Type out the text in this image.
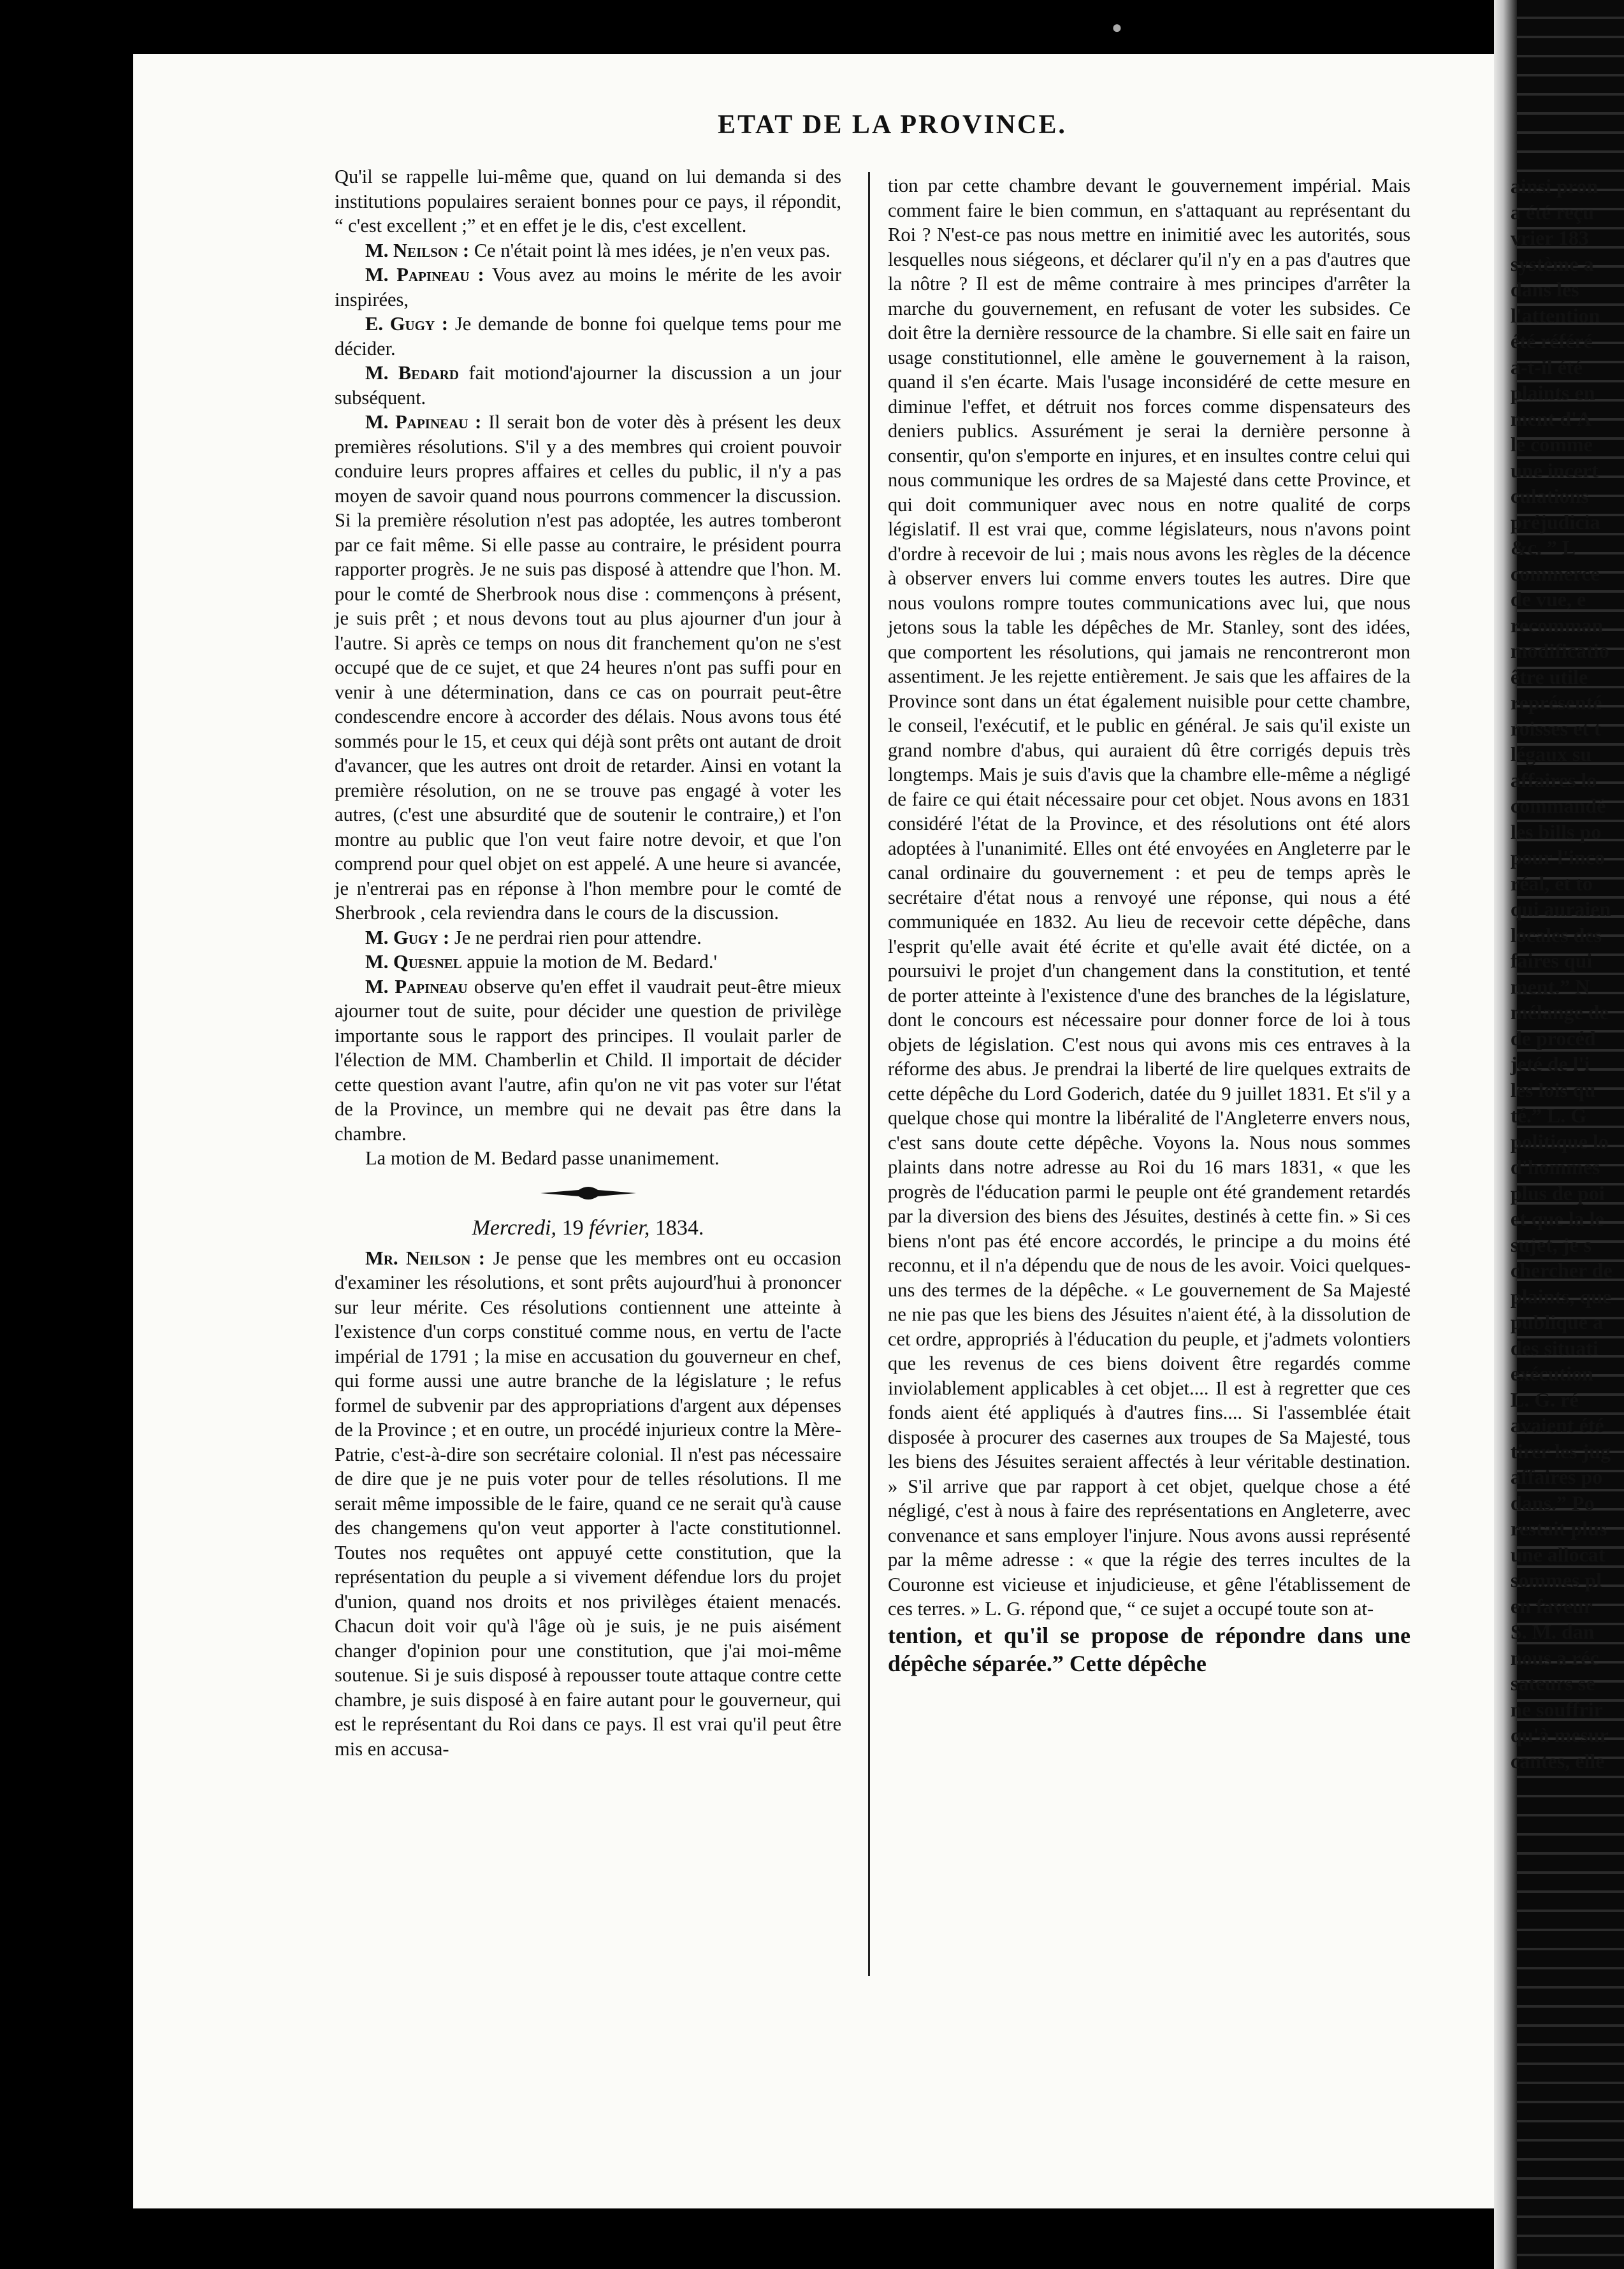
●
ETAT DE LA PROVINCE.

Qu'il se rappelle lui-même que, quand on lui demanda si des institutions populaires seraient bonnes pour ce pays, il répondit, “ c'est excellent ;” et en effet je le dis, c'est excellent.

M. Neilson : Ce n'était point là mes idées, je n'en veux pas.

M. Papineau : Vous avez au moins le mérite de les avoir inspirées,

E. Gugy : Je demande de bonne foi quelque tems pour me décider.

M. Bedard fait motiond'ajourner la discussion a un jour subséquent.

M. Papineau : Il serait bon de voter dès à présent les deux premières résolutions. S'il y a des membres qui croient pouvoir conduire leurs propres affaires et celles du public, il n'y a pas moyen de savoir quand nous pourrons commencer la discussion. Si la première résolution n'est pas adoptée, les autres tomberont par ce fait même. Si elle passe au contraire, le président pourra rapporter progrès. Je ne suis pas disposé à attendre que l'hon. M. pour le comté de Sherbrook nous dise : commençons à présent, je suis prêt ; et nous devons tout au plus ajourner d'un jour à l'autre. Si après ce temps on nous dit franchement qu'on ne s'est occupé que de ce sujet, et que 24 heures n'ont pas suffi pour en venir à une détermination, dans ce cas on pourrait peut-être condescendre encore à accorder des délais. Nous avons tous été sommés pour le 15, et ceux qui déjà sont prêts ont autant de droit d'avancer, que les autres ont droit de retarder. Ainsi en votant la première résolution, on ne se trouve pas engagé à voter les autres, (c'est une absurdité que de soutenir le contraire,) et l'on montre au public que l'on veut faire notre devoir, et que l'on comprend pour quel objet on est appelé. A une heure si avancée, je n'entrerai pas en réponse à l'hon membre pour le comté de Sherbrook , cela reviendra dans le cours de la discussion.

M. Gugy : Je ne perdrai rien pour attendre.

M. Quesnel appuie la motion de M. Bedard.'

M. Papineau observe qu'en effet il vaudrait peut-être mieux ajourner tout de suite, pour décider une question de privilège importante sous le rapport des principes. Il voulait parler de l'élection de MM. Chamberlin et Child. Il importait de décider cette question avant l'autre, afin qu'on ne vit pas voter sur l'état de la Province, un membre qui ne devait pas être dans la chambre.

La motion de M. Bedard passe unanimement.

Mercredi, 19 février, 1834.

Mr. Neilson : Je pense que les membres ont eu occasion d'examiner les résolutions, et sont prêts aujourd'hui à prononcer sur leur mérite. Ces résolutions contiennent une atteinte à l'existence d'un corps constitué comme nous, en vertu de l'acte impérial de 1791 ; la mise en accusation du gouverneur en chef, qui forme aussi une autre branche de la législature ; le refus formel de subvenir par des appropriations d'argent aux dépenses de la Province ; et en outre, un procédé injurieux contre la Mère-Patrie, c'est-à-dire son secrétaire colonial. Il n'est pas nécessaire de dire que je ne puis voter pour de telles résolutions. Il me serait même impossible de le faire, quand ce ne serait qu'à cause des changemens qu'on veut apporter à l'acte constitutionnel. Toutes nos requêtes ont appuyé cette constitution, que la représentation du peuple a si vivement défendue lors du projet d'union, quand nos droits et nos privilèges étaient menacés. Chacun doit voir qu'à l'âge où je suis, je ne puis aisément changer d'opinion pour une constitution, que j'ai moi-même soutenue. Si je suis disposé à repousser toute attaque contre cette chambre, je suis disposé à en faire autant pour le gouverneur, qui est le représentant du Roi dans ce pays. Il est vrai qu'il peut être mis en accusa-

tion par cette chambre devant le gouvernement impérial. Mais comment faire le bien commun, en s'attaquant au représentant du Roi ? N'est-ce pas nous mettre en inimitié avec les autorités, sous lesquelles nous siégeons, et déclarer qu'il n'y en a pas d'autres que la nôtre ? Il est de même contraire à mes principes d'arrêter la marche du gouvernement, en refusant de voter les subsides. Ce doit être la dernière ressource de la chambre. Si elle sait en faire un usage constitutionnel, elle amène le gouvernement à la raison, quand il s'en écarte. Mais l'usage inconsidéré de cette mesure en diminue l'effet, et détruit nos forces comme dispensateurs des deniers publics. Assurément je serai la dernière personne à consentir, qu'on s'emporte en injures, et en insultes contre celui qui nous communique les ordres de sa Majesté dans cette Province, et qui doit communiquer avec nous en notre qualité de corps législatif. Il est vrai que, comme législateurs, nous n'avons point d'ordre à recevoir de lui ; mais nous avons les règles de la décence à observer envers lui comme envers toutes les autres. Dire que nous voulons rompre toutes communications avec lui, que nous jetons sous la table les dépêches de Mr. Stanley, sont des idées, que comportent les résolutions, qui jamais ne rencontreront mon assentiment. Je les rejette entièrement. Je sais que les affaires de la Province sont dans un état également nuisible pour cette chambre, le conseil, l'exécutif, et le public en général. Je sais qu'il existe un grand nombre d'abus, qui auraient dû être corrigés depuis très longtemps. Mais je suis d'avis que la chambre elle-même a négligé de faire ce qui était nécessaire pour cet objet. Nous avons en 1831 considéré l'état de la Province, et des résolutions ont été alors adoptées à l'unanimité. Elles ont été envoyées en Angleterre par le canal ordinaire du gouvernement : et peu de temps après le secrétaire d'état nous a renvoyé une réponse, qui nous a été communiquée en 1832. Au lieu de recevoir cette dépêche, dans l'esprit qu'elle avait été écrite et qu'elle avait été dictée, on a poursuivi le projet d'un changement dans la constitution, et tenté de porter atteinte à l'existence d'une des branches de la législature, dont le concours est nécessaire pour donner force de loi à tous objets de législation. C'est nous qui avons mis ces entraves à la réforme des abus. Je prendrai la liberté de lire quelques extraits de cette dépêche du Lord Goderich, datée du 9 juillet 1831. Et s'il y a quelque chose qui montre la libéralité de l'Angleterre envers nous, c'est sans doute cette dépêche. Voyons la. Nous nous sommes plaints dans notre adresse au Roi du 16 mars 1831, « que les progrès de l'éducation parmi le peuple ont été grandement retardés par la diversion des biens des Jésuites, destinés à cette fin. » Si ces biens n'ont pas été encore accordés, le principe a du moins été reconnu, et il n'a dépendu que de nous de les avoir. Voici quelques-uns des termes de la dépêche. « Le gouvernement de Sa Majesté ne nie pas que les biens des Jésuites n'aient été, à la dissolution de cet ordre, appropriés à l'éducation du peuple, et j'admets volontiers que les revenus de ces biens doivent être regardés comme inviolablement applicables à cet objet.... Il est à regretter que ces fonds aient été appliqués à d'autres fins.... Si l'assemblée était disposée à procurer des casernes aux troupes de Sa Majesté, tous les biens des Jésuites seraient affectés à leur véritable destination. » S'il arrive que par rapport à cet objet, quelque chose a été négligé, c'est à nous à faire des représentations en Angleterre, avec convenance et sans employer l'injure. Nous avons aussi représenté par la même adresse : « que la régie des terres incultes de la Couronne est vicieuse et injudicieuse, et gêne l'établissement de ces terres. » L. G. répond que, “ ce sujet a occupé toute son at-

tention, et qu'il se propose de répondre dans une dépêche séparée.” Cette dépêche

ainsi pron
a été reçu
vrier 183
système a
dans les
l'attention
été référé
a-t-il été
plaints en
ment d'A
le comme
une incert
culations
préjudicia
&c. ” L
commerce
de vue, e
recomman
modificatio
être utile
représenté
roisses et t
légaux su
affaires lo
commandé
les bills po
pour l'inco
réal, et to
qui auraien
locales des
faires qui
ment.” N
mélange de
de procéd
jeté de l'i
les lois qu
té.” L. G
politique lo
d'hommes
plus de poi
et que la le
sujet, je s
chercher de
plaints, que
publique a
des situati
exécution
L. G. ré
avaient été
tirer les jug
affaires po
dans.” Po
restait plus
une allocat
sommes pl
en faveur
S. M. dan
nous a réc
sateurs se
ne souffrir
qu'à mesur
cantes, elle
